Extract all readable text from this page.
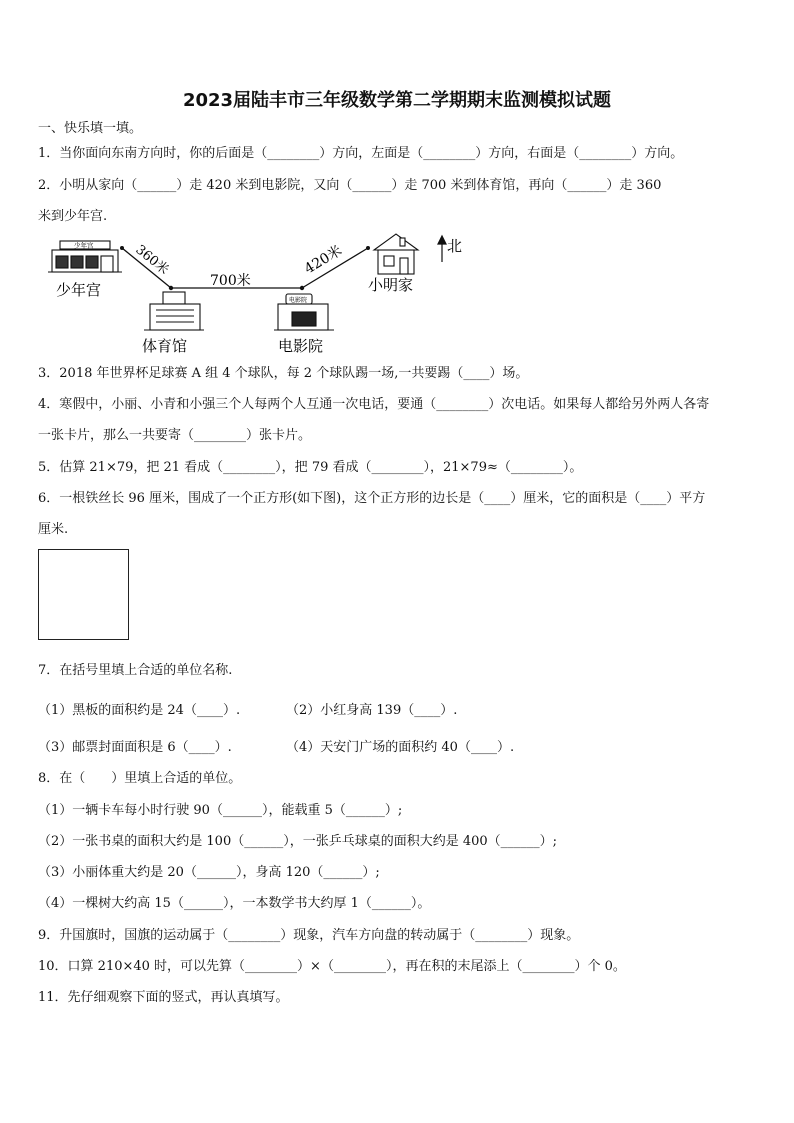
2023届陆丰市三年级数学第二学期期末监测模拟试题
一、快乐填一填。
1．当你面向东南方向时，你的后面是（________）方向，左面是（________）方向，右面是（________）方向。
2．小明从家向（______）走 420 米到电影院，又向（______）走 700 米到体育馆，再向（______）走 360
米到少年宫.
少年宫
少年宫
360米
700米
420米
体育馆
电影院
电影院
小明家
北
3．2018 年世界杯足球赛 A 组 4 个球队，每 2 个球队踢一场,一共要踢（____）场。
4．寒假中，小丽、小青和小强三个人每两个人互通一次电话，要通（________）次电话。如果每人都给另外两人各寄
一张卡片，那么一共要寄（________）张卡片。
5．估算 21×79，把 21 看成（________），把 79 看成（________），21×79≈（________）。
6．一根铁丝长 96 厘米，围成了一个正方形(如下图)，这个正方形的边长是（____）厘米，它的面积是（____）平方
厘米.
7．在括号里填上合适的单位名称.
（1）黑板的面积约是 24（____）.	（2）小红身高 139（____）.
（3）邮票封面面积是 6（____）.	（4）天安门广场的面积约 40（____）.
8．在（　　）里填上合适的单位。
（1）一辆卡车每小时行驶 90（______），能载重 5（______）;
（2）一张书桌的面积大约是 100（______），一张乒乓球桌的面积大约是 400（______）;
（3）小丽体重大约是 20（______），身高 120（______）;
（4）一棵树大约高 15（______），一本数学书大约厚 1（______）。
9．升国旗时，国旗的运动属于（________）现象，汽车方向盘的转动属于（________）现象。
10．口算 210×40 时，可以先算（________）×（________），再在积的末尾添上（________）个 0。
11．先仔细观察下面的竖式，再认真填写。
